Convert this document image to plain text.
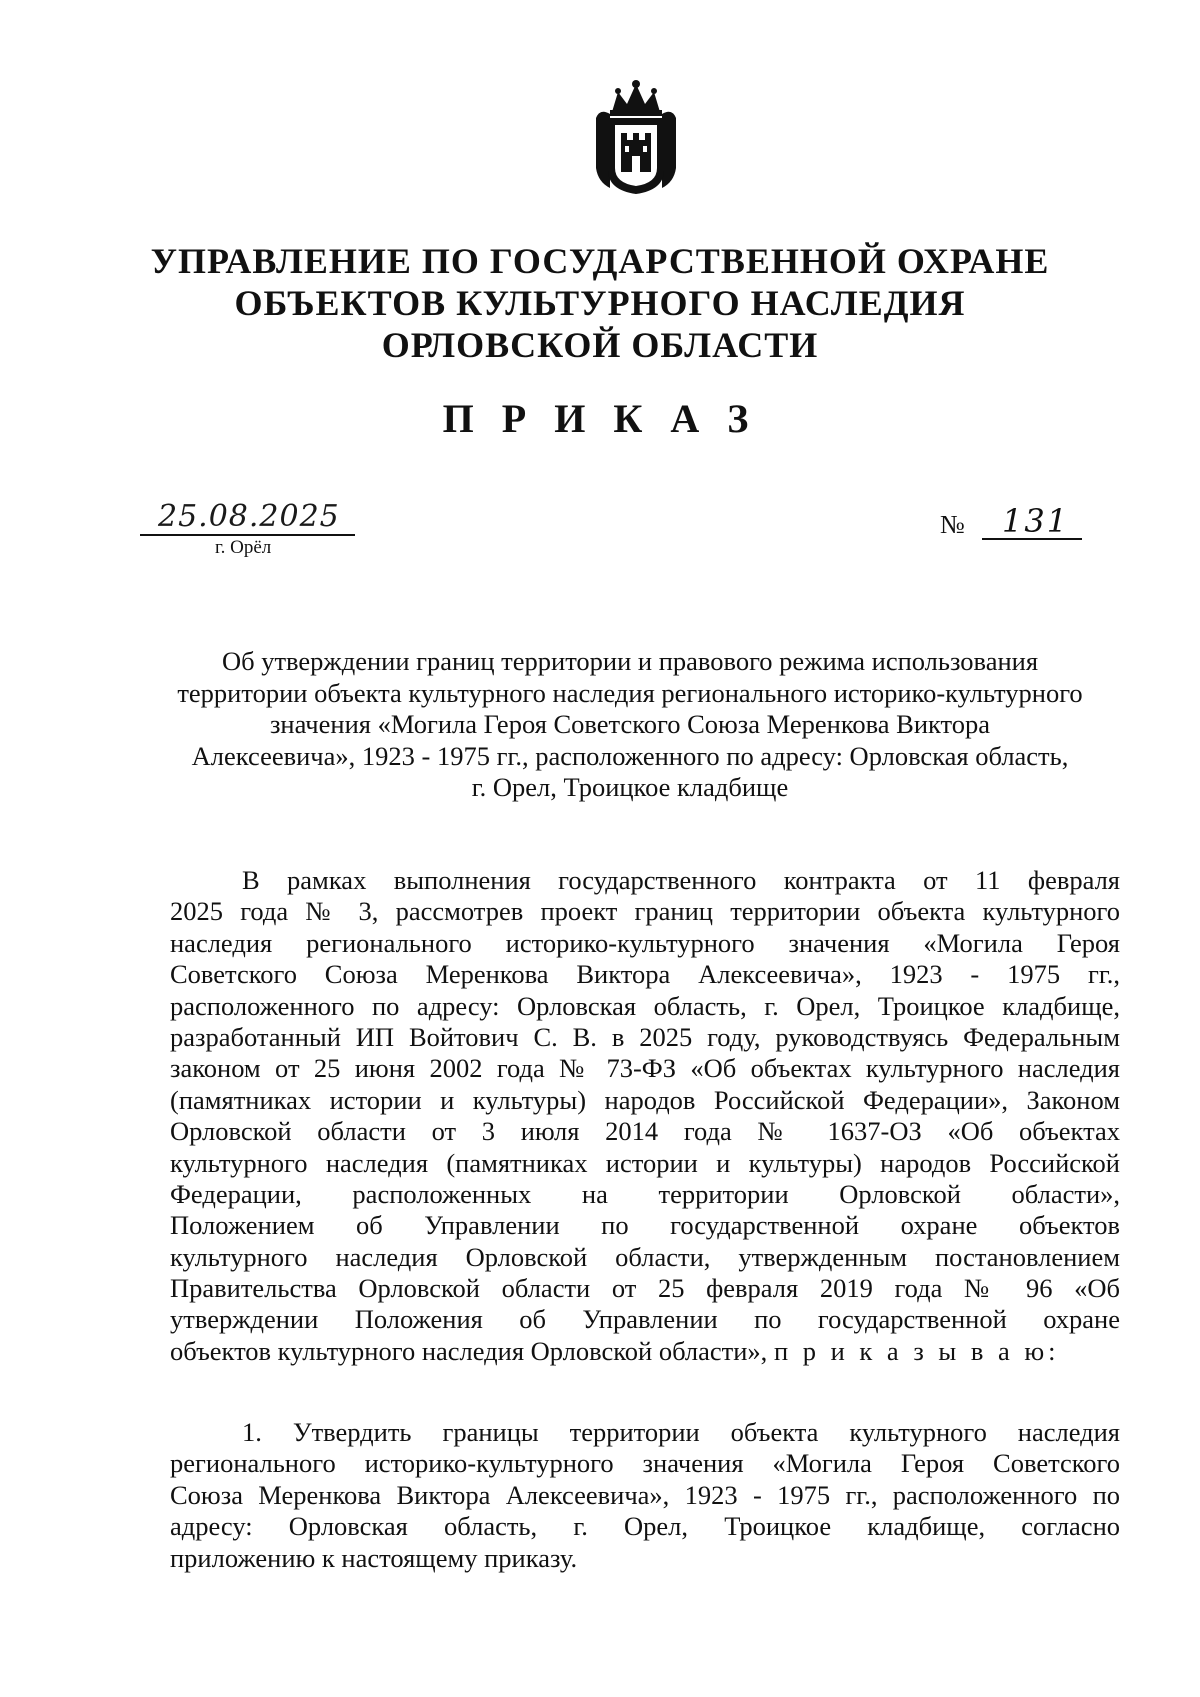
УПРАВЛЕНИЕ ПО ГОСУДАРСТВЕННОЙ ОХРАНЕ
ОБЪЕКТОВ КУЛЬТУРНОГО НАСЛЕДИЯ
ОРЛОВСКОЙ ОБЛАСТИ
П Р И К А З
25.08.2025
г. Орёл
№ 131
Об утверждении границ территории и правового режима использования
территории объекта культурного наследия регионального историко-культурного
значения «Могила Героя Советского Союза Меренкова Виктора
Алексеевича», 1923 - 1975 гг., расположенного по адресу: Орловская область,
г. Орел, Троицкое кладбище
В рамках выполнения государственного контракта от 11 февраля
2025 года № 3, рассмотрев проект границ территории объекта культурного
наследия регионального историко-культурного значения «Могила Героя
Советского Союза Меренкова Виктора Алексеевича», 1923 - 1975 гг.,
расположенного по адресу: Орловская область, г. Орел, Троицкое кладбище,
разработанный ИП Войтович С. В. в 2025 году, руководствуясь Федеральным
законом от 25 июня 2002 года № 73-ФЗ «Об объектах культурного наследия
(памятниках истории и культуры) народов Российской Федерации», Законом
Орловской области от 3 июля 2014 года № 1637-ОЗ «Об объектах
культурного наследия (памятниках истории и культуры) народов Российской
Федерации, расположенных на территории Орловской области»,
Положением об Управлении по государственной охране объектов
культурного наследия Орловской области, утвержденным постановлением
Правительства Орловской области от 25 февраля 2019 года № 96 «Об
утверждении Положения об Управлении по государственной охране
объектов культурного наследия Орловской области», п р и к а з ы в а ю:
1. Утвердить границы территории объекта культурного наследия
регионального историко-культурного значения «Могила Героя Советского
Союза Меренкова Виктора Алексеевича», 1923 - 1975 гг., расположенного по
адресу: Орловская область, г. Орел, Троицкое кладбище, согласно
приложению к настоящему приказу.
